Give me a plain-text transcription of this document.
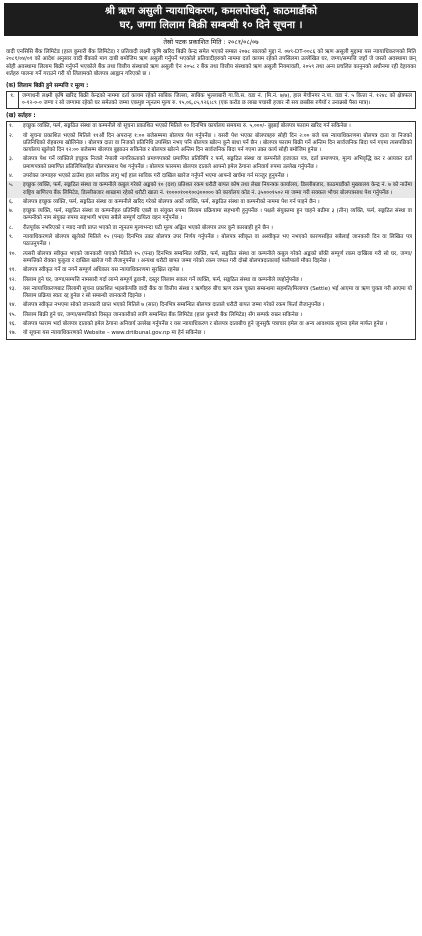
श्री ऋण असुली न्यायाधिकरण, कमलपोखरी, काठमाडौंको
घर, जग्गा लिलाम बिक्री सम्बन्धी १० दिने सूचना ।
तेस्रो पटक प्रकाशित मिति : २०८१/०८/०७
वादी एनसिसि बैंक लिमिटेड (हाल कुमारी बैंक लिमिटेड) र प्रतिवादी लक्ष्मी कृषि खरिद बिक्री केन्द्र समेत भएको सम्बत २०७८ सालको मुद्दा नं. ०७९-DT-००८६ को ऋण असुली मुद्दामा यस न्यायाधिकरणको मिति २०८१/०४/०१ को आदेश अनुसार वादी बैंकको माग दाबी बमोजिम ऋण असुली गर्नुपर्ने भएकोले प्रतिवादीहरुको नाममा दर्ता कायम रहेको तपसिलमा उल्लेखित घर, जग्गा/सम्पत्ति जहाँ जे जस्तो अवस्थामा छन् सोही अवस्थामा लिलाम बिक्री गर्नुपर्ने भएकोले बैंक तथा वित्तीय संस्थाको ऋण असुली ऐन २०५८ र बैंक तथा वित्तीय संस्थाको ऋण असुली नियमावली, २०५९ तथा अन्य प्रचलित कानुनको अधीनमा रही देहायका शर्तहरु पालना गर्ने गराउने गरी यो लिलामको बोलपत्र आह्वान गरिएको छ ।
(क) लिलाम बिक्री हुने सम्पत्ति र मूल्य :
१.	जग्गाधनी लक्ष्मी कृषि खरिद बिक्री केन्द्रको नाममा दर्ता कायम रहेको साबिक जिल्ला, साबिक भुल्लाबारी गा.वि.स. वडा नं. (मि.नं. ७/७), हाल मेचीनगर न.पा. वडा नं. ५ कित्ता नं. १२४८ को क्षेत्रफल ०-१२-०-० जग्गा र सो जग्गामा रहेको घर समेतको जम्मा एकमुष्ट न्यूनतम मूल्य रु. १५,०६,८५,९२६।८९ (एक करोड छ लाख पचासी हजार नौ सय छब्बीस रुपैयाँ र उनान्नब्बे पैसा मात्र)।
(ख) सर्तहरु :
१.	इच्छुक व्यक्ति, फर्म, सङ्गठित संस्था वा कम्पनीले यो सूचना प्रकाशित भएको मितिले १० दिनभित्र कार्यालय समयमा रु. ५,०००/- बुझाई बोलपत्र फाराम खरिद गर्न सकिनेछ ।
२.	यो सूचना प्रकाशित भएको मितिले ११औं दिन अपरान्ह १:०० बजेसम्ममा बोलपत्र पेश गर्नुपर्नेछ । यसरी पेश भएका बोलपत्रहरु सोही दिन २:०० बजे यस न्यायाधिकरणमा बोलपत्र दाता वा निजको प्रतिनिधिको रोहबरमा खोलिनेछ । बोलपत्र दाता वा निजको प्रतिनिधि उपस्थित नभए पनि बोलपत्र खोल्न कुनै बाधा पर्ने छैन । बोलपत्र फाराम बिक्री गर्ने अन्तिम दिन सार्वजनिक बिदा पर्न गएमा त्यसपछिको कार्यालय खुलेको दिन १२:०० बजेसम्म बोलपत्र बुझाउन सकिनेछ र बोलपत्र खोल्ने अन्तिम दिन सार्वजनिक बिदा पर्न गएमा उक्त कार्य सोही बमोजिम हुनेछ ।
३.	बोलपत्र पेश गर्ने व्यक्तिले इच्छुक निजले नेपाली नागरिकताको प्रमाणपत्रको प्रमाणित प्रतिलिपि र फर्म, सङ्गठित संस्था वा कम्पनीले इजाजत पत्र, दर्ता प्रमाणपत्र, मूल्य अभिवृद्धि कर र आयकर दर्ता प्रमाणपत्रको प्रमाणित प्रतिलिपिसहित बोलपत्रसाथ पेश गर्नुपर्नेछ । बोलपत्र फारममा बोलपत्र दाताले आफ्नो इमेल ठेगाना अनिवार्य रुपमा उल्लेख गर्नुपर्नेछ ।
४.	उपरोक्त जग्गाहरु भएको ठाउँमा हाल साविक लागु भई हाल साविक गरी दाखिल खारेज गर्नुपर्ने भएमा आफ्नो खर्चमा गर्न मञ्जुर हुनुपर्नेछ ।
५.	इच्छुक व्यक्ति, फर्म, सङ्गठित संस्था वा कम्पनीले कबुल गरेको अङ्कको १० (दश) प्रतिशत रकम धरौटी बापत कोष तथा लेखा नियन्त्रक कार्यालय, डिल्लीबजार, काठमाडौंको मुख्यालय केन्द्र नं. ७ को नाउँमा राष्ट्रिय बाणिज्य बैंक लिमिटेड, डिल्लीबजार शाखामा रहेको धरौटी खाता नं. १००००१००१००३००००० को कार्यालय कोड नं. ३५०००१५०२ मा जम्मा गरी सक्कल भौचर बोलपत्रसाथ पेश गर्नुपर्नेछ ।
६.	बोलपत्र इच्छुक व्यक्ति, फर्म, सङ्गठित संस्था वा कम्पनीले खरिद गरेको बोलपत्र अर्को व्यक्ति, फर्म, सङ्गठित संस्था वा कम्पनीको नाममा पेश गर्न पाइने छैन ।
७.	इच्छुक व्यक्ति, फर्म, सङ्गठित संस्था वा कम्पनीहरु प्रतिनिधि एक्लै वा संयुक्त रुपमा लिलाम प्रक्रियामा सहभागी हुनुपर्नेछ । पक्षले संयुक्तमा हुन चाहने बढीमा ३ (तीन) व्यक्ति, फर्म, सङ्गठित संस्था वा कम्पनीको नाम संयुक्त रुपमा सहभागी भएमा सबैले सम्पूर्ण दायित्व वहन गर्नुपर्नेछ ।
८.	रीतपूर्वक नभरिएको र म्याद नाघी प्राप्त भएको वा न्यूनतम मूल्यभन्दा घटी मूल्य अङ्कित भएको बोलपत्र उपर कुनै कारबाही हुने छैन ।
९.	न्यायाधिकरणले बोलपत्र खुलेको मितिले १५ (पन्ध्र) दिनभित्र उक्त बोलपत्र उपर निर्णय गर्नुपर्नेछ । बोलपत्र स्वीकृत वा अस्वीकृत भए नभएको कारणसहित सबैलाई जानकारी दिन वा लिखित पत्र पठाउनुपर्नेछ ।
१०.	त्यसरी बोलपत्र स्वीकृत भएको जानकारी पाएको मितिले १५ (पन्ध्र) दिनभित्र सम्बन्धित व्यक्ति, फर्म, सङ्गठित संस्था वा कम्पनीले कबुल गरेको अङ्कको बाँकी सम्पूर्ण रकम दाखिला गरी सो घर, जग्गा/सम्पत्तिको रोक्का फुकुवा र दाखिल खारेज गरी लैजानुपर्नेछ । अन्यथा धरौटी बापत जम्मा गरेको रकम जफत गरी दोस्रो बोलपत्रदातालाई पालैपालो मौका दिइनेछ ।
११.	बोलपत्र स्वीकृत गर्ने वा नगर्ने सम्पूर्ण अधिकार यस न्यायाधिकरणमा सुरक्षित रहनेछ ।
१२.	लिलाम हुने घर, जग्गा/सम्पत्ति नामसारी गर्दा लाग्ने सम्पूर्ण ढुवानी, दस्तुर लिलाम सकार गर्ने व्यक्ति, फर्म, सङ्गठित संस्था वा कम्पनीले व्यहोर्नुपर्नेछ ।
१३.	यस न्यायाधिकरणबाट लिलामी सूचना प्रकाशित भइसकेपछि वादी बैंक वा वित्तीय संस्था र ऋणीहरु बीच ऋण रकम चुक्ता सम्बन्धमा सहमति/मिलापत्र (Settle) भई आएमा वा ऋण चुक्ता गरी आएमा यो लिलाम प्रक्रिया स्वतः रद्द हुनेछ र सो सम्बन्धी जानकारी दिइनेछ ।
१४.	बोलपत्र स्वीकृत नभएमा सोको जानकारी प्राप्त भएको मितिले ७ (सात) दिनभित्र सम्बन्धित बोलपत्र दाताले धरौटी बापत जम्मा गरेको रकम फिर्ता लैजानुपर्नेछ ।
१५.	लिलाम बिक्री हुने घर, जग्गा/सम्पत्तिको विस्तृत जानकारीको लागि सम्बन्धित बैंक लिमिटेड (हाल कुमारी बैंक लिमिटेड) सँग सम्पर्क राख्न सकिनेछ ।
१६.	बोलपत्र फाराम भर्दा बोलपत्र दाताको इमेल ठेगाना अनिवार्य उल्लेख गर्नुपर्नेछ र यस न्यायाधिकरण र बोलपत्र दाताबीच हुने जुनसुकै पत्राचार इमेल वा अन्य आवश्यक सूचना इमेल मार्फत हुनेछ ।
१७.	यो सूचना यस न्यायाधिकरणको Website – www.drtibunal.gov.np मा हेर्न सकिनेछ ।
